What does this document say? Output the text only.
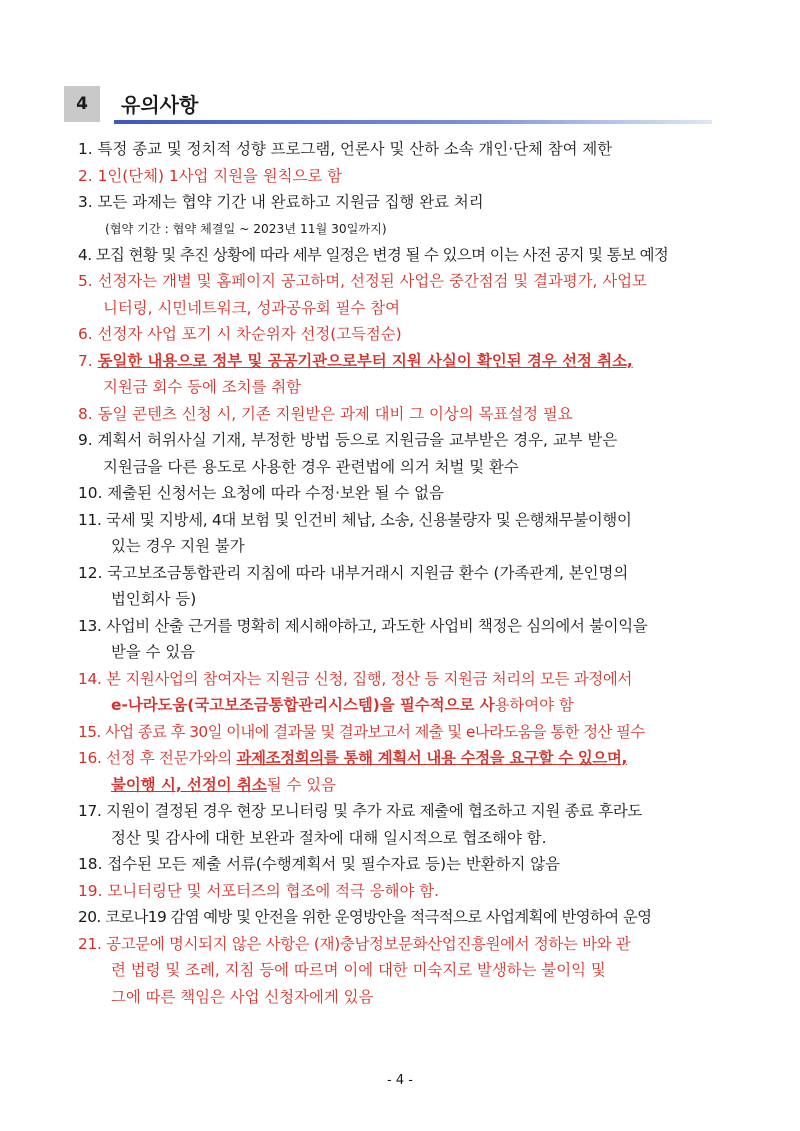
4	유의사항
1. 특정 종교 및 정치적 성향 프로그램, 언론사 및 산하 소속 개인·단체 참여 제한
2. 1인(단체) 1사업 지원을 원칙으로 함
3. 모든 과제는 협약 기간 내 완료하고 지원금 집행 완료 처리
(협약 기간 : 협약 체결일 ~ 2023년 11월 30일까지)
4. 모집 현황 및 추진 상황에 따라 세부 일정은 변경 될 수 있으며 이는 사전 공지 및 통보 예정
5. 선정자는 개별 및 홈페이지 공고하며, 선정된 사업은 중간점검 및 결과평가, 사업모
니터링, 시민네트워크, 성과공유회 필수 참여
6. 선정자 사업 포기 시 차순위자 선정(고득점순)
7. 동일한 내용으로 정부 및 공공기관으로부터 지원 사실이 확인된 경우 선정 취소,
지원금 회수 등에 조치를 취함
8. 동일 콘텐츠 신청 시, 기존 지원받은 과제 대비 그 이상의 목표설정 필요
9. 계획서 허위사실 기재, 부정한 방법 등으로 지원금을 교부받은 경우, 교부 받은
지원금을 다른 용도로 사용한 경우 관련법에 의거 처벌 및 환수
10. 제출된 신청서는 요청에 따라 수정·보완 될 수 없음
11. 국세 및 지방세, 4대 보험 및 인건비 체납, 소송, 신용불량자 및 은행채무불이행이
있는 경우 지원 불가
12. 국고보조금통합관리 지침에 따라 내부거래시 지원금 환수 (가족관계, 본인명의
법인회사 등)
13. 사업비 산출 근거를 명확히 제시해야하고, 과도한 사업비 책정은 심의에서 불이익을
받을 수 있음
14. 본 지원사업의 참여자는 지원금 신청, 집행, 정산 등 지원금 처리의 모든 과정에서
e-나라도움(국고보조금통합관리시스템)을 필수적으로 사용하여야 함
15. 사업 종료 후 30일 이내에 결과물 및 결과보고서 제출 및 e나라도움을 통한 정산 필수
16. 선정 후 전문가와의 과제조정회의를 통해 계획서 내용 수정을 요구할 수 있으며,
불이행 시, 선정이 취소될 수 있음
17. 지원이 결정된 경우 현장 모니터링 및 추가 자료 제출에 협조하고 지원 종료 후라도
정산 및 감사에 대한 보완과 절차에 대해 일시적으로 협조해야 함.
18. 접수된 모든 제출 서류(수행계획서 및 필수자료 등)는 반환하지 않음
19. 모니터링단 및 서포터즈의 협조에 적극 응해야 함.
20. 코로나19 감염 예방 및 안전을 위한 운영방안을 적극적으로 사업계획에 반영하여 운영
21. 공고문에 명시되지 않은 사항은 (재)충남정보문화산업진흥원에서 정하는 바와 관
련 법령 및 조례, 지침 등에 따르며 이에 대한 미숙지로 발생하는 불이익 및
그에 따른 책임은 사업 신청자에게 있음
- 4 -
